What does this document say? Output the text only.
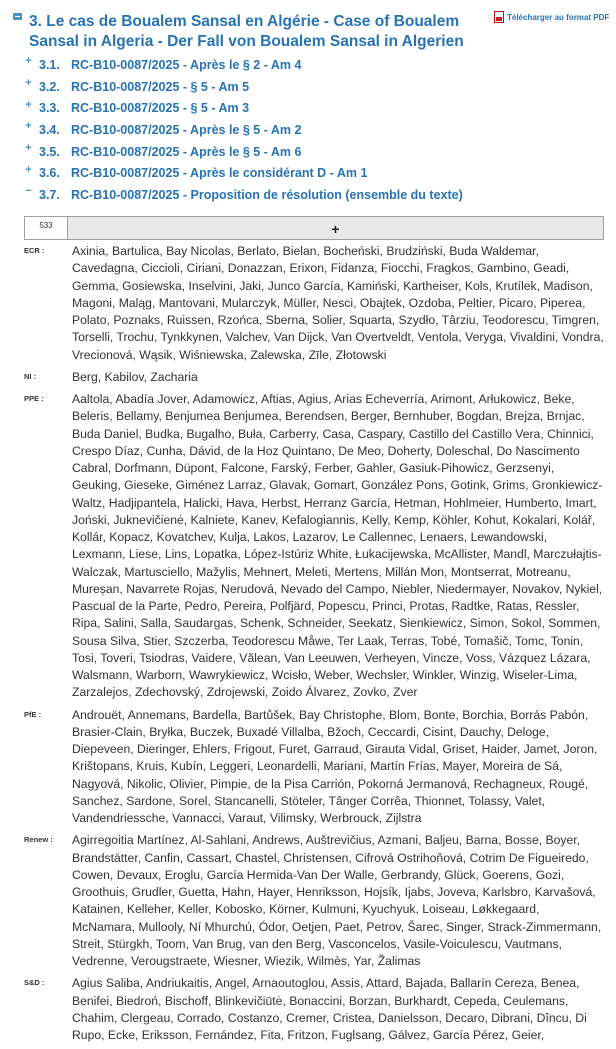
3. Le cas de Boualem Sansal en Algérie - Case of Boualem Sansal in Algeria - Der Fall von Boualem Sansal in Algerien
Télécharger au format PDF
+ 3.1. RC-B10-0087/2025 - Après le § 2 - Am 4
+ 3.2. RC-B10-0087/2025 - § 5 - Am 5
+ 3.3. RC-B10-0087/2025 - § 5 - Am 3
+ 3.4. RC-B10-0087/2025 - Après le § 5 - Am 2
+ 3.5. RC-B10-0087/2025 - Après le § 5 - Am 6
+ 3.6. RC-B10-0087/2025 - Après le considérant D - Am 1
− 3.7. RC-B10-0087/2025 - Proposition de résolution (ensemble du texte)
533	+
ECR :	Axinia, Bartulica, Bay Nicolas, Berlato, Bielan, Bocheński, Brudziński, Buda Waldemar, Cavedagna, Ciccioli, Ciriani, Donazzan, Erixon, Fidanza, Fiocchi, Fragkos, Gambino, Geadi, Gemma, Gosiewska, Inselvini, Jaki, Junco García, Kamiński, Kartheiser, Kols, Krutílek, Madison, Magoni, Maląg, Mantovani, Mularczyk, Müller, Nesci, Obajtek, Ozdoba, Peltier, Picaro, Piperea, Polato, Poznaks, Ruissen, Rzońca, Sberna, Solier, Squarta, Szydło, Târziu, Teodorescu, Timgren, Torselli, Trochu, Tynkkynen, Valchev, Van Dijck, Van Overtveldt, Ventola, Veryga, Vivaldini, Vondra, Vrecionová, Wąsik, Wiśniewska, Zalewska, Zīle, Złotowski
NI :	Berg, Kabilov, Zacharia
PPE :	Aaltola, Abadía Jover, Adamowicz, Aftias, Agius, Arias Echeverría, Arimont, Arłukowicz, Beke, Beleris, Bellamy, Benjumea Benjumea, Berendsen, Berger, Bernhuber, Bogdan, Brejza, Brnjac, Buda Daniel, Budka, Bugalho, Buła, Carberry, Casa, Caspary, Castillo del Castillo Vera, Chinnici, Crespo Díaz, Cunha, Dávid, de la Hoz Quintano, De Meo, Doherty, Doleschal, Do Nascimento Cabral, Dorfmann, Düpont, Falcone, Farský, Ferber, Gahler, Gasiuk-Pihowicz, Gerzsenyi, Geuking, Gieseke, Giménez Larraz, Glavak, Gomart, González Pons, Gotink, Grims, Gronkiewicz-Waltz, Hadjipantela, Halicki, Hava, Herbst, Herranz García, Hetman, Hohlmeier, Humberto, Imart, Joński, Juknevičienė, Kalniete, Kanev, Kefalogiannis, Kelly, Kemp, Köhler, Kohut, Kokalari, Kolář, Kollár, Kopacz, Kovatchev, Kulja, Lakos, Lazarov, Le Callennec, Lenaers, Lewandowski, Lexmann, Liese, Lins, Lopatka, López-Istúriz White, Łukacijewska, McAllister, Mandl, Marczułajtis-Walczak, Martusciello, Mažylis, Mehnert, Meleti, Mertens, Millán Mon, Montserrat, Motreanu, Mureșan, Navarrete Rojas, Nerudová, Nevado del Campo, Niebler, Niedermayer, Novakov, Nykiel, Pascual de la Parte, Pedro, Pereira, Polfjärd, Popescu, Princi, Protas, Radtke, Ratas, Ressler, Ripa, Salini, Salla, Saudargas, Schenk, Schneider, Seekatz, Sienkiewicz, Simon, Sokol, Sommen, Sousa Silva, Stier, Szczerba, Teodorescu Måwe, Ter Laak, Terras, Tobé, Tomašič, Tomc, Tonin, Tosi, Toveri, Tsiodras, Vaidere, Vălean, Van Leeuwen, Verheyen, Vincze, Voss, Vázquez Lázara, Walsmann, Warborn, Wawrykiewicz, Wcisło, Weber, Wechsler, Winkler, Winzig, Wiseler-Lima, Zarzalejos, Zdechovský, Zdrojewski, Zoido Álvarez, Zovko, Zver
PfE :	Androuët, Annemans, Bardella, Bartůšek, Bay Christophe, Blom, Bonte, Borchia, Borrás Pabón, Brasier-Clain, Bryłka, Buczek, Buxadé Villalba, Bžoch, Ceccardi, Cisint, Dauchy, Deloge, Diepeveen, Dieringer, Ehlers, Frigout, Furet, Garraud, Girauta Vidal, Griset, Haider, Jamet, Joron, Krištopans, Kruis, Kubín, Leggeri, Leonardelli, Mariani, Martín Frías, Mayer, Moreira de Sá, Nagyová, Nikolic, Olivier, Pimpie, de la Pisa Carrión, Pokorná Jermanová, Rechagneux, Rougé, Sanchez, Sardone, Sorel, Stancanelli, Stöteler, Tânger Corrêa, Thionnet, Tolassy, Valet, Vandendriessche, Vannacci, Varaut, Vilimsky, Werbrouck, Zijlstra
Renew :	Agirregoitia Martínez, Al-Sahlani, Andrews, Auštrevičius, Azmani, Baljeu, Barna, Bosse, Boyer, Brandstätter, Canfin, Cassart, Chastel, Christensen, Cifrová Ostrihoňová, Cotrim De Figueiredo, Cowen, Devaux, Eroglu, García Hermida-Van Der Walle, Gerbrandy, Glück, Goerens, Gozi, Groothuis, Grudler, Guetta, Hahn, Hayer, Henriksson, Hojsík, Ijabs, Joveva, Karlsbro, Karvašová, Katainen, Kelleher, Keller, Kobosko, Körner, Kulmuni, Kyuchyuk, Loiseau, Løkkegaard, McNamara, Mullooly, Ní Mhurchú, Ódor, Oetjen, Paet, Petrov, Šarec, Singer, Strack-Zimmermann, Streit, Stürgkh, Toom, Van Brug, van den Berg, Vasconcelos, Vasile-Voiculescu, Vautmans, Vedrenne, Verougstraete, Wiesner, Wiezik, Wilmès, Yar, Žalimas
S&D :	Agius Saliba, Andriukaitis, Angel, Arnaoutoglou, Assis, Attard, Bajada, Ballarín Cereza, Benea, Benifei, Biedroń, Bischoff, Blinkevičiūtė, Bonaccini, Borzan, Burkhardt, Cepeda, Ceulemans, Chahim, Clergeau, Corrado, Costanzo, Cremer, Cristea, Danielsson, Decaro, Dibrani, Dîncu, Di Rupo, Ecke, Eriksson, Fernández, Fita, Fritzon, Fuglsang, Gálvez, García Pérez, Geier,
